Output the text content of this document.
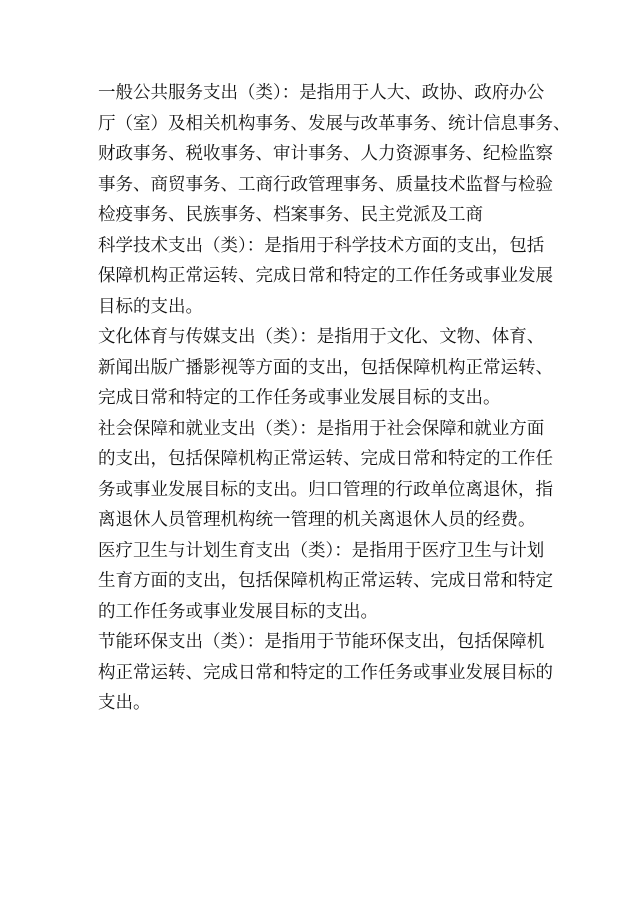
一般公共服务支出（类）：是指用于人大、政协、政府办公
厅（室）及相关机构事务、发展与改革事务、统计信息事务、
财政事务、税收事务、审计事务、人力资源事务、纪检监察
事务、商贸事务、工商行政管理事务、质量技术监督与检验
检疫事务、民族事务、档案事务、民主党派及工商
科学技术支出（类）：是指用于科学技术方面的支出，包括
保障机构正常运转、完成日常和特定的工作任务或事业发展
目标的支出。
文化体育与传媒支出（类）：是指用于文化、文物、体育、
新闻出版广播影视等方面的支出，包括保障机构正常运转、
完成日常和特定的工作任务或事业发展目标的支出。
社会保障和就业支出（类）：是指用于社会保障和就业方面
的支出，包括保障机构正常运转、完成日常和特定的工作任
务或事业发展目标的支出。归口管理的行政单位离退休，指
离退休人员管理机构统一管理的机关离退休人员的经费。
医疗卫生与计划生育支出（类）：是指用于医疗卫生与计划
生育方面的支出，包括保障机构正常运转、完成日常和特定
的工作任务或事业发展目标的支出。
节能环保支出（类）：是指用于节能环保支出，包括保障机
构正常运转、完成日常和特定的工作任务或事业发展目标的
支出。
